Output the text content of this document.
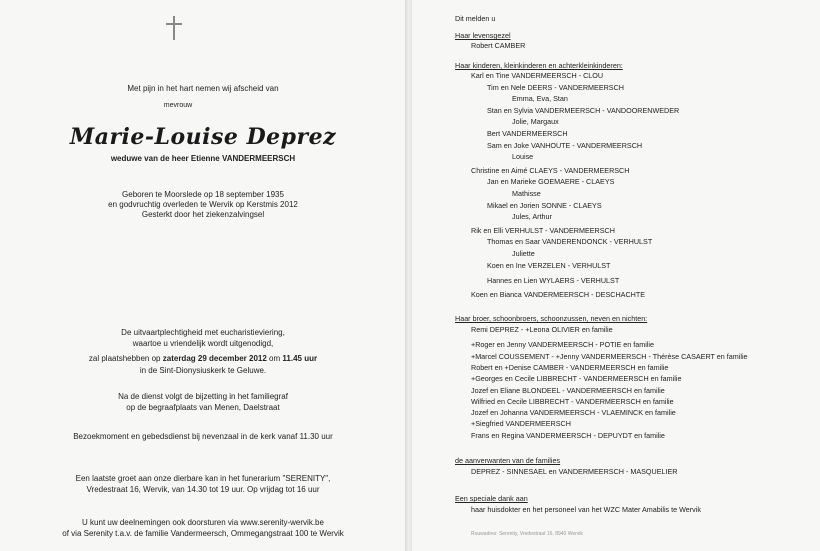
Met pijn in het hart nemen wij afscheid van
mevrouw
Marie-Louise Deprez
weduwe van de heer Etienne VANDERMEERSCH
Geboren te Moorslede op 18 september 1935
en godvruchtig overleden te Wervik op Kerstmis 2012
Gesterkt door het ziekenzalvingsel
De uitvaartplechtigheid met eucharistieviering,
waartoe u vriendelijk wordt uitgenodigd,
zal plaatshebben op zaterdag 29 december 2012 om 11.45 uur
in de Sint-Dionysiuskerk te Geluwe.
Na de dienst volgt de bijzetting in het familiegraf
op de begraafplaats van Menen, Daelstraat
Bezoekmoment en gebedsdienst bij nevenzaal in de kerk vanaf 11.30 uur
Een laatste groet aan onze dierbare kan in het funerarium "SERENITY",
Vredestraat 16, Wervik, van 14.30 tot 19 uur. Op vrijdag tot 16 uur
U kunt uw deelnemingen ook doorsturen via www.serenity-wervik.be
of via Serenity t.a.v. de familie Vandermeersch, Ommegangstraat 100 te Wervik
Dit melden u
Haar levensgezel
Robert CAMBER
Haar kinderen, kleinkinderen en achterkleinkinderen:
Karl en Tine VANDERMEERSCH - CLOU
Tim en Nele DEERS - VANDERMEERSCH
Emma, Eva, Stan
Stan en Sylvia VANDERMEERSCH - VANDOORENWEDER
Jolie, Margaux
Bert VANDERMEERSCH
Sam en Joke VANHOUTE - VANDERMEERSCH
Louise
Christine en Aimé CLAEYS - VANDERMEERSCH
Jan en Marieke GOEMAERE - CLAEYS
Mathisse
Mikael en Jorien SONNE - CLAEYS
Jules, Arthur
Rik en Elli VERHULST - VANDERMEERSCH
Thomas en Saar VANDERENDONCK - VERHULST
Juliette
Koen en Ine VERZELEN - VERHULST
Hannes en Lien WYLAERS - VERHULST
Koen en Bianca VANDERMEERSCH - DESCHACHTE
Haar broer, schoonbroers, schoonzussen, neven en nichten:
Remi DEPREZ - +Leona OLIVIER en familie
+Roger en Jenny VANDERMEERSCH - POTIE en familie
+Marcel COUSSEMENT - +Jenny VANDERMEERSCH - Thérèse CASAERT en familie
Robert en +Denise CAMBER - VANDERMEERSCH en familie
+Georges en Cecile LIBBRECHT - VANDERMEERSCH en familie
Jozef en Eliane BLONDEEL - VANDERMEERSCH en familie
Wilfried en Cecile LIBBRECHT - VANDERMEERSCH en familie
Jozef en Johanna VANDERMEERSCH - VLAEMINCK en familie
+Siegfried VANDERMEERSCH
Frans en Regina VANDERMEERSCH - DEPUYDT en familie
de aanverwanten van de families
DEPREZ - SINNESAEL en VANDERMEERSCH - MASQUELIER
Een speciale dank aan
haar huisdokter en het personeel van het WZC Mater Amabilis te Wervik
Rouwadres: Serenity, Vredestraat 16, 8940 Wervik
